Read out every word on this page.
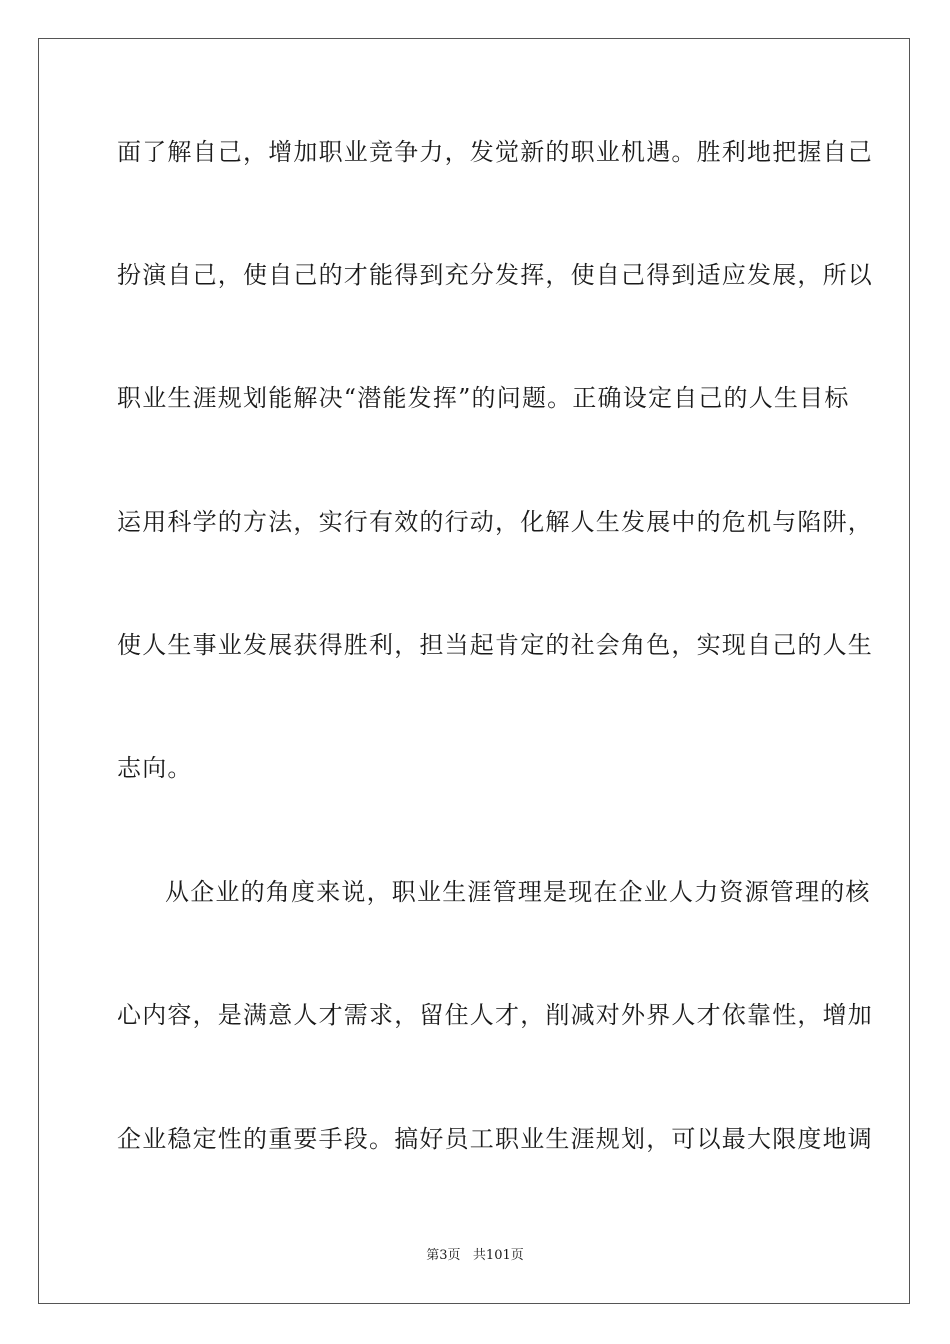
面了解自己，增加职业竞争力，发觉新的职业机遇。胜利地把握自己
扮演自己，使自己的才能得到充分发挥，使自己得到适应发展，所以
职业生涯规划能解决“潜能发挥”的问题。正确设定自己的人生目标
运用科学的方法，实行有效的行动，化解人生发展中的危机与陷阱，
使人生事业发展获得胜利，担当起肯定的社会角色，实现自己的人生
志向。
从企业的角度来说，职业生涯管理是现在企业人力资源管理的核
心内容，是满意人才需求，留住人才，削减对外界人才依靠性，增加
企业稳定性的重要手段。搞好员工职业生涯规划，可以最大限度地调
第3页   共101页
